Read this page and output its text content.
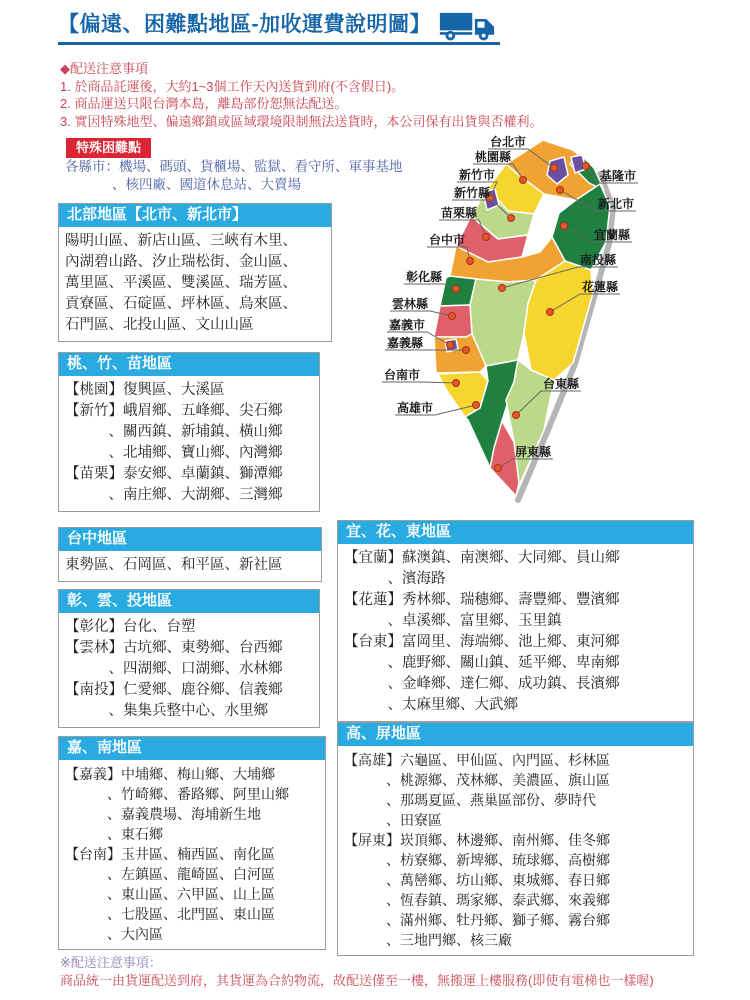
【偏遠、困難點地區-加收運費說明圖】
◆配送注意事項
1. 於商品託運後，大約1~3個工作天內送貨到府(不含假日)。
2. 商品運送只限台灣本島，離島部份恕無法配送。
3. 實因特殊地型、偏遠鄉鎮或區域環境限制無法送貨時，本公司保有出貨與否權利。
特殊困難點
各縣市：機場、碼頭、貨櫃場、監獄、看守所、軍事基地
、核四廠、國道休息站、大賣場
北部地區【北市、新北市】
陽明山區、新店山區、三峽有木里、
內湖碧山路、汐止瑞松街、金山區、
萬里區、平溪區、雙溪區、瑞芳區、
貢寮區、石碇區、坪林區、烏來區、
石門區、北投山區、文山山區
桃、竹、苗地區
【桃園】復興區、大溪區
【新竹】峨眉鄉、五峰鄉、尖石鄉
　　　、關西鎮、新埔鎮、橫山鄉
　　　、北埔鄉、寶山鄉、內灣鄉
【苗栗】泰安鄉、卓蘭鎮、獅潭鄉
　　　、南庄鄉、大湖鄉、三灣鄉
台中地區
東勢區、石岡區、和平區、新社區
彰、雲、投地區
【彰化】台化、台塑
【雲林】古坑鄉、東勢鄉、台西鄉
　　　、四湖鄉、口湖鄉、水林鄉
【南投】仁愛鄉、鹿谷鄉、信義鄉
　　　、集集兵整中心、水里鄉
嘉、南地區
【嘉義】中埔鄉、梅山鄉、大埔鄉
　　　、竹崎鄉、番路鄉、阿里山鄉
　　　、嘉義農場、海埔新生地
　　　、東石鄉
【台南】玉井區、楠西區、南化區
　　　、左鎮區、龍崎區、白河區
　　　、東山區、六甲區、山上區
　　　、七股區、北門區、東山區
　　　、大內區
宜、花、東地區
【宜蘭】蘇澳鎮、南澳鄉、大同鄉、員山鄉
　　　、濱海路
【花蓮】秀林鄉、瑞穗鄉、壽豐鄉、豐濱鄉
　　　、卓溪鄉、富里鄉、玉里鎮
【台東】富岡里、海端鄉、池上鄉、東河鄉
　　　、鹿野鄉、關山鎮、延平鄉、卑南鄉
　　　、金峰鄉、達仁鄉、成功鎮、長濱鄉
　　　、太麻里鄉、大武鄉
高、屏地區
【高雄】六龜區、甲仙區、內門區、杉林區
　　　、桃源鄉、茂林鄉、美濃區、旗山區
　　　、那瑪夏區、燕巢區部份、夢時代
　　　、田寮區
【屏東】崁頂鄉、林邊鄉、南州鄉、佳冬鄉
　　　、枋寮鄉、新埤鄉、琉球鄉、高樹鄉
　　　、萬巒鄉、坊山鄉、東城鄉、春日鄉
　　　、恆春鎮、瑪家鄉、泰武鄉、來義鄉
　　　、滿州鄉、牡丹鄉、獅子鄉、霧台鄉
　　　、三地門鄉、核三廠
台北市
桃園縣
新竹市
新竹縣
苗栗縣
台中市
彰化縣
雲林縣
嘉義市
嘉義縣
台南市
高雄市
基隆市
新北市
宜蘭縣
南投縣
花蓮縣
台東縣
屏東縣
※配送注意事項：
商品統一由貨運配送到府，其貨運為合約物流，故配送僅至一樓，無搬運上樓服務(即使有電梯也一樣喔)
